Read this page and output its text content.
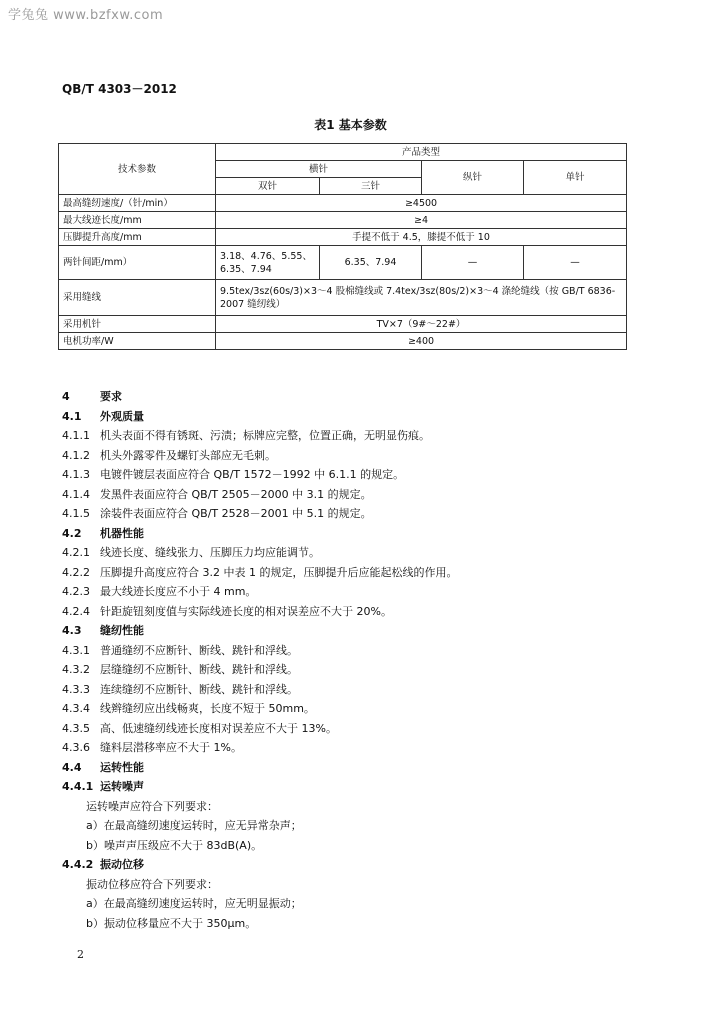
学兔兔 www.bzfxw.com
QB/T 4303－2012
表1 基本参数
技术参数	产品类型			
	横针		纵针	单针
	双针	三针		
最高缝纫速度/（针/min）	≥4500			
最大线迹长度/mm	≥4			
压脚提升高度/mm	手提不低于 4.5，膝提不低于 10			
两针间距/mm）	3.18、4.76、5.55、6.35、7.94	6.35、7.94	—	—
采用缝线	9.5tex/3sz(60s/3)×3～4 股棉缝线或 7.4tex/3sz(80s/2)×3～4 涤纶缝线（按 GB/T 6836-2007 缝纫线）			
采用机针	TV×7（9#～22#）			
电机功率/W	≥400			
4	要求
4.1 外观质量
4.1.1 机头表面不得有锈斑、污渍；标牌应完整，位置正确，无明显伤痕。
4.1.2 机头外露零件及螺钉头部应无毛刺。
4.1.3 电镀件镀层表面应符合 QB/T 1572－1992 中 6.1.1 的规定。
4.1.4 发黑件表面应符合 QB/T 2505－2000 中 3.1 的规定。
4.1.5 涂装件表面应符合 QB/T 2528－2001 中 5.1 的规定。
4.2 机器性能
4.2.1 线迹长度、缝线张力、压脚压力均应能调节。
4.2.2 压脚提升高度应符合 3.2 中表 1 的规定，压脚提升后应能起松线的作用。
4.2.3 最大线迹长度应不小于 4 mm。
4.2.4 针距旋钮刻度值与实际线迹长度的相对误差应不大于 20%。
4.3 缝纫性能
4.3.1 普通缝纫不应断针、断线、跳针和浮线。
4.3.2 层缝缝纫不应断针、断线、跳针和浮线。
4.3.3 连续缝纫不应断针、断线、跳针和浮线。
4.3.4 线辫缝纫应出线畅爽，长度不短于 50mm。
4.3.5 高、低速缝纫线迹长度相对误差应不大于 13%。
4.3.6 缝料层潜移率应不大于 1%。
4.4 运转性能
4.4.1 运转噪声
运转噪声应符合下列要求：
a）在最高缝纫速度运转时，应无异常杂声；
b）噪声声压级应不大于 83dB(A)。
4.4.2 振动位移
振动位移应符合下列要求：
a）在最高缝纫速度运转时，应无明显振动；
b）振动位移量应不大于 350μm。
2
